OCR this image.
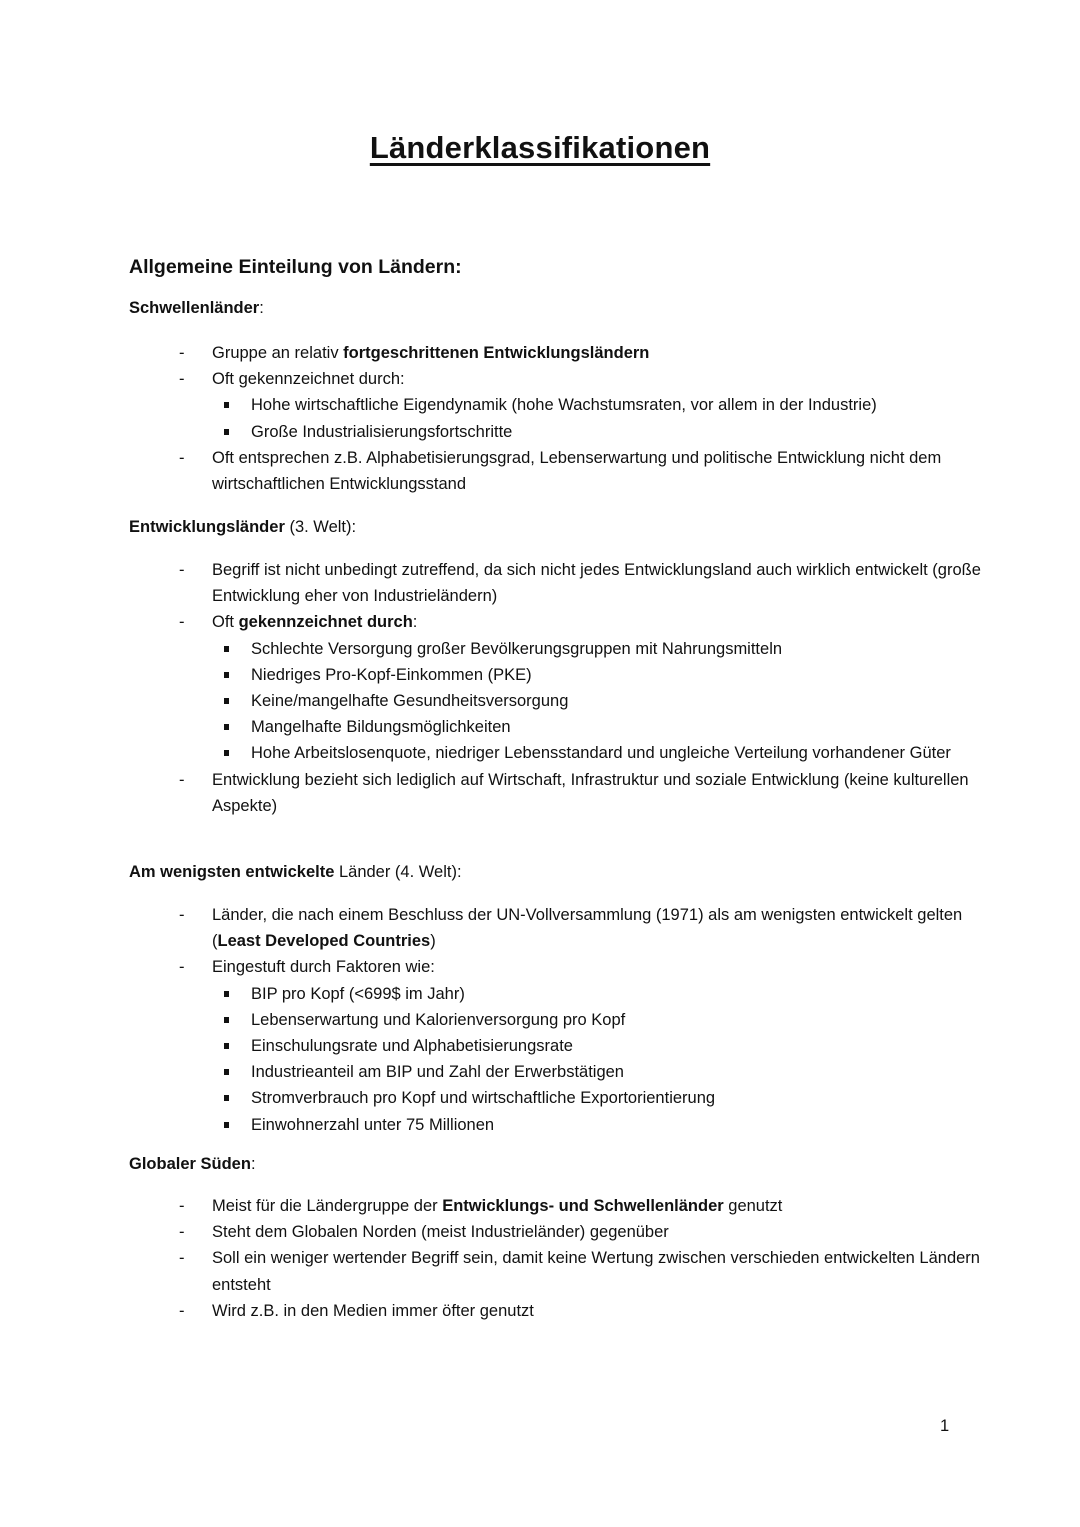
Länderklassifikationen
Allgemeine Einteilung von Ländern:
Schwellenländer:
- Gruppe an relativ fortgeschrittenen Entwicklungsländern
- Oft gekennzeichnet durch:
Hohe wirtschaftliche Eigendynamik (hohe Wachstumsraten, vor allem in der Industrie)
Große Industrialisierungsfortschritte
- Oft entsprechen z.B. Alphabetisierungsgrad, Lebenserwartung und politische Entwicklung nicht dem wirtschaftlichen Entwicklungsstand
Entwicklungsländer (3. Welt):
- Begriff ist nicht unbedingt zutreffend, da sich nicht jedes Entwicklungsland auch wirklich entwickelt (große Entwicklung eher von Industrieländern)
- Oft gekennzeichnet durch:
Schlechte Versorgung großer Bevölkerungsgruppen mit Nahrungsmitteln
Niedriges Pro-Kopf-Einkommen (PKE)
Keine/mangelhafte Gesundheitsversorgung
Mangelhafte Bildungsmöglichkeiten
Hohe Arbeitslosenquote, niedriger Lebensstandard und ungleiche Verteilung vorhandener Güter
- Entwicklung bezieht sich lediglich auf Wirtschaft, Infrastruktur und soziale Entwicklung (keine kulturellen Aspekte)
Am wenigsten entwickelte Länder (4. Welt):
- Länder, die nach einem Beschluss der UN-Vollversammlung (1971) als am wenigsten entwickelt gelten (Least Developed Countries)
- Eingestuft durch Faktoren wie:
BIP pro Kopf (<699$ im Jahr)
Lebenserwartung und Kalorienversorgung pro Kopf
Einschulungsrate und Alphabetisierungsrate
Industrieanteil am BIP und Zahl der Erwerbstätigen
Stromverbrauch pro Kopf und wirtschaftliche Exportorientierung
Einwohnerzahl unter 75 Millionen
Globaler Süden:
- Meist für die Ländergruppe der Entwicklungs- und Schwellenländer genutzt
- Steht dem Globalen Norden (meist Industrieländer) gegenüber
- Soll ein weniger wertender Begriff sein, damit keine Wertung zwischen verschieden entwickelten Ländern entsteht
- Wird z.B. in den Medien immer öfter genutzt
1
